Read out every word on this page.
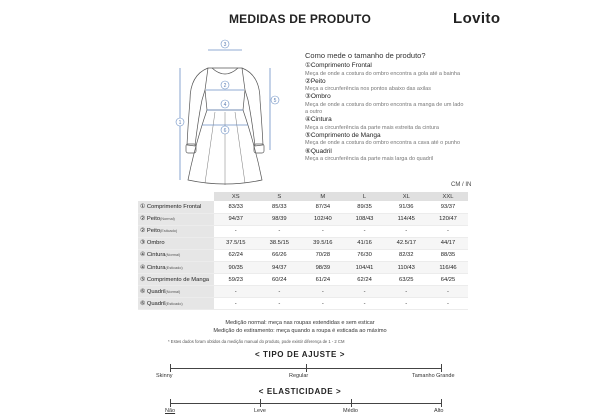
MEDIDAS DE PRODUTO	Lovito
3
2
4
6
1
5
Como mede o tamanho de produto?
①Comprimento Frontal
Meça de onde a costura do ombro encontra a gola até a bainha
②Peito
Meça a circunferência nos pontos abaixo das axilas
③Ombro
Meça de onde a costura do ombro encontra a manga de um lado
a outro
④Cintura
Meça a circunferência da parte mais estreita da cintura
⑤Comprimento de Manga
Meça de onde a costura do ombro encontra a cava até o punho
⑥Quadril
Meça a circunferência da parte mais larga do quadril
CM / IN
	XS	S	M	L	XL	XXL
① Comprimento Frontal	83/33	85/33	87/34	89/35	91/36	93/37
② Peito(Normal)	94/37	98/39	102/40	108/43	114/45	120/47
② Peito(Esticado)	-	-	-	-	-	-
③ Ombro	37.5/15	38.5/15	39.5/16	41/16	42.5/17	44/17
④ Cintura(Normal)	62/24	66/26	70/28	76/30	82/32	88/35
④ Cintura(Esticado)	90/35	94/37	98/39	104/41	110/43	116/46
⑤ Comprimento de Manga	59/23	60/24	61/24	62/24	63/25	64/25
⑥ Quadril(Normal)	-	-	-	-	-	-
⑥ Quadril(Esticado)	-	-	-	-	-	-
Medição normal: meça nas roupas estendidas e sem esticar
Medição do estiramento: meça quando a roupa é esticada ao máximo
* Estes dados foram obtidos da medição manual do produto, pode existir diferença de 1 - 2 CM
< TIPO DE AJUSTE >
Skinny	Regular	Tamanho Grande
< ELASTICIDADE >
Não	Leve	Médio	Alto
